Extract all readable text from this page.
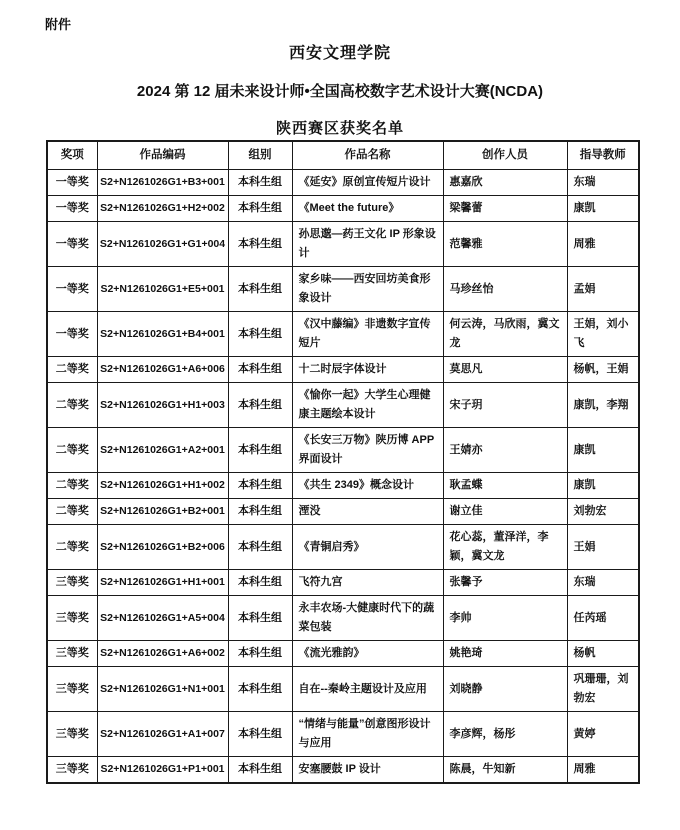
附件
西安文理学院
2024 第 12 届未来设计师•全国高校数字艺术设计大赛(NCDA)
陕西赛区获奖名单
奖项	作品编码	组别	作品名称	创作人员	指导教师
一等奖	S2+N1261026G1+B3+001	本科生组	《延安》原创宣传短片设计	惠嘉欣	东瑞
一等奖	S2+N1261026G1+H2+002	本科生组	《Meet the future》	梁馨蕾	康凯
一等奖	S2+N1261026G1+G1+004	本科生组	孙思邈—药王文化 IP 形象设计	范馨雅	周雅
一等奖	S2+N1261026G1+E5+001	本科生组	家乡味——西安回坊美食形象设计	马珍丝怡	孟娟
一等奖	S2+N1261026G1+B4+001	本科生组	《汉中藤编》非遗数字宣传短片	何云涛，马欣雨，冀文龙	王娟，刘小飞
二等奖	S2+N1261026G1+A6+006	本科生组	十二时辰字体设计	莫思凡	杨帆，王娟
二等奖	S2+N1261026G1+H1+003	本科生组	《愉你一起》大学生心理健康主题绘本设计	宋子玥	康凯，李翔
二等奖	S2+N1261026G1+A2+001	本科生组	《长安三万物》陕历博 APP 界面设计	王婧亦	康凯
二等奖	S2+N1261026G1+H1+002	本科生组	《共生 2349》概念设计	耿孟蝶	康凯
二等奖	S2+N1261026G1+B2+001	本科生组	湮没	谢立佳	刘勃宏
二等奖	S2+N1261026G1+B2+006	本科生组	《青铜启秀》	花心蕊，董泽洋，李颖，冀文龙	王娟
三等奖	S2+N1261026G1+H1+001	本科生组	飞符九宫	张馨予	东瑞
三等奖	S2+N1261026G1+A5+004	本科生组	永丰农场-大健康时代下的蔬菜包装	李帅	任芮瑶
三等奖	S2+N1261026G1+A6+002	本科生组	《流光雅韵》	姚艳琦	杨帆
三等奖	S2+N1261026G1+N1+001	本科生组	自在--秦岭主题设计及应用	刘晓静	巩珊珊，刘勃宏
三等奖	S2+N1261026G1+A1+007	本科生组	“情绪与能量”创意图形设计与应用	李彦辉，杨彤	黄婷
三等奖	S2+N1261026G1+P1+001	本科生组	安塞腰鼓 IP 设计	陈晨，牛知新	周雅
